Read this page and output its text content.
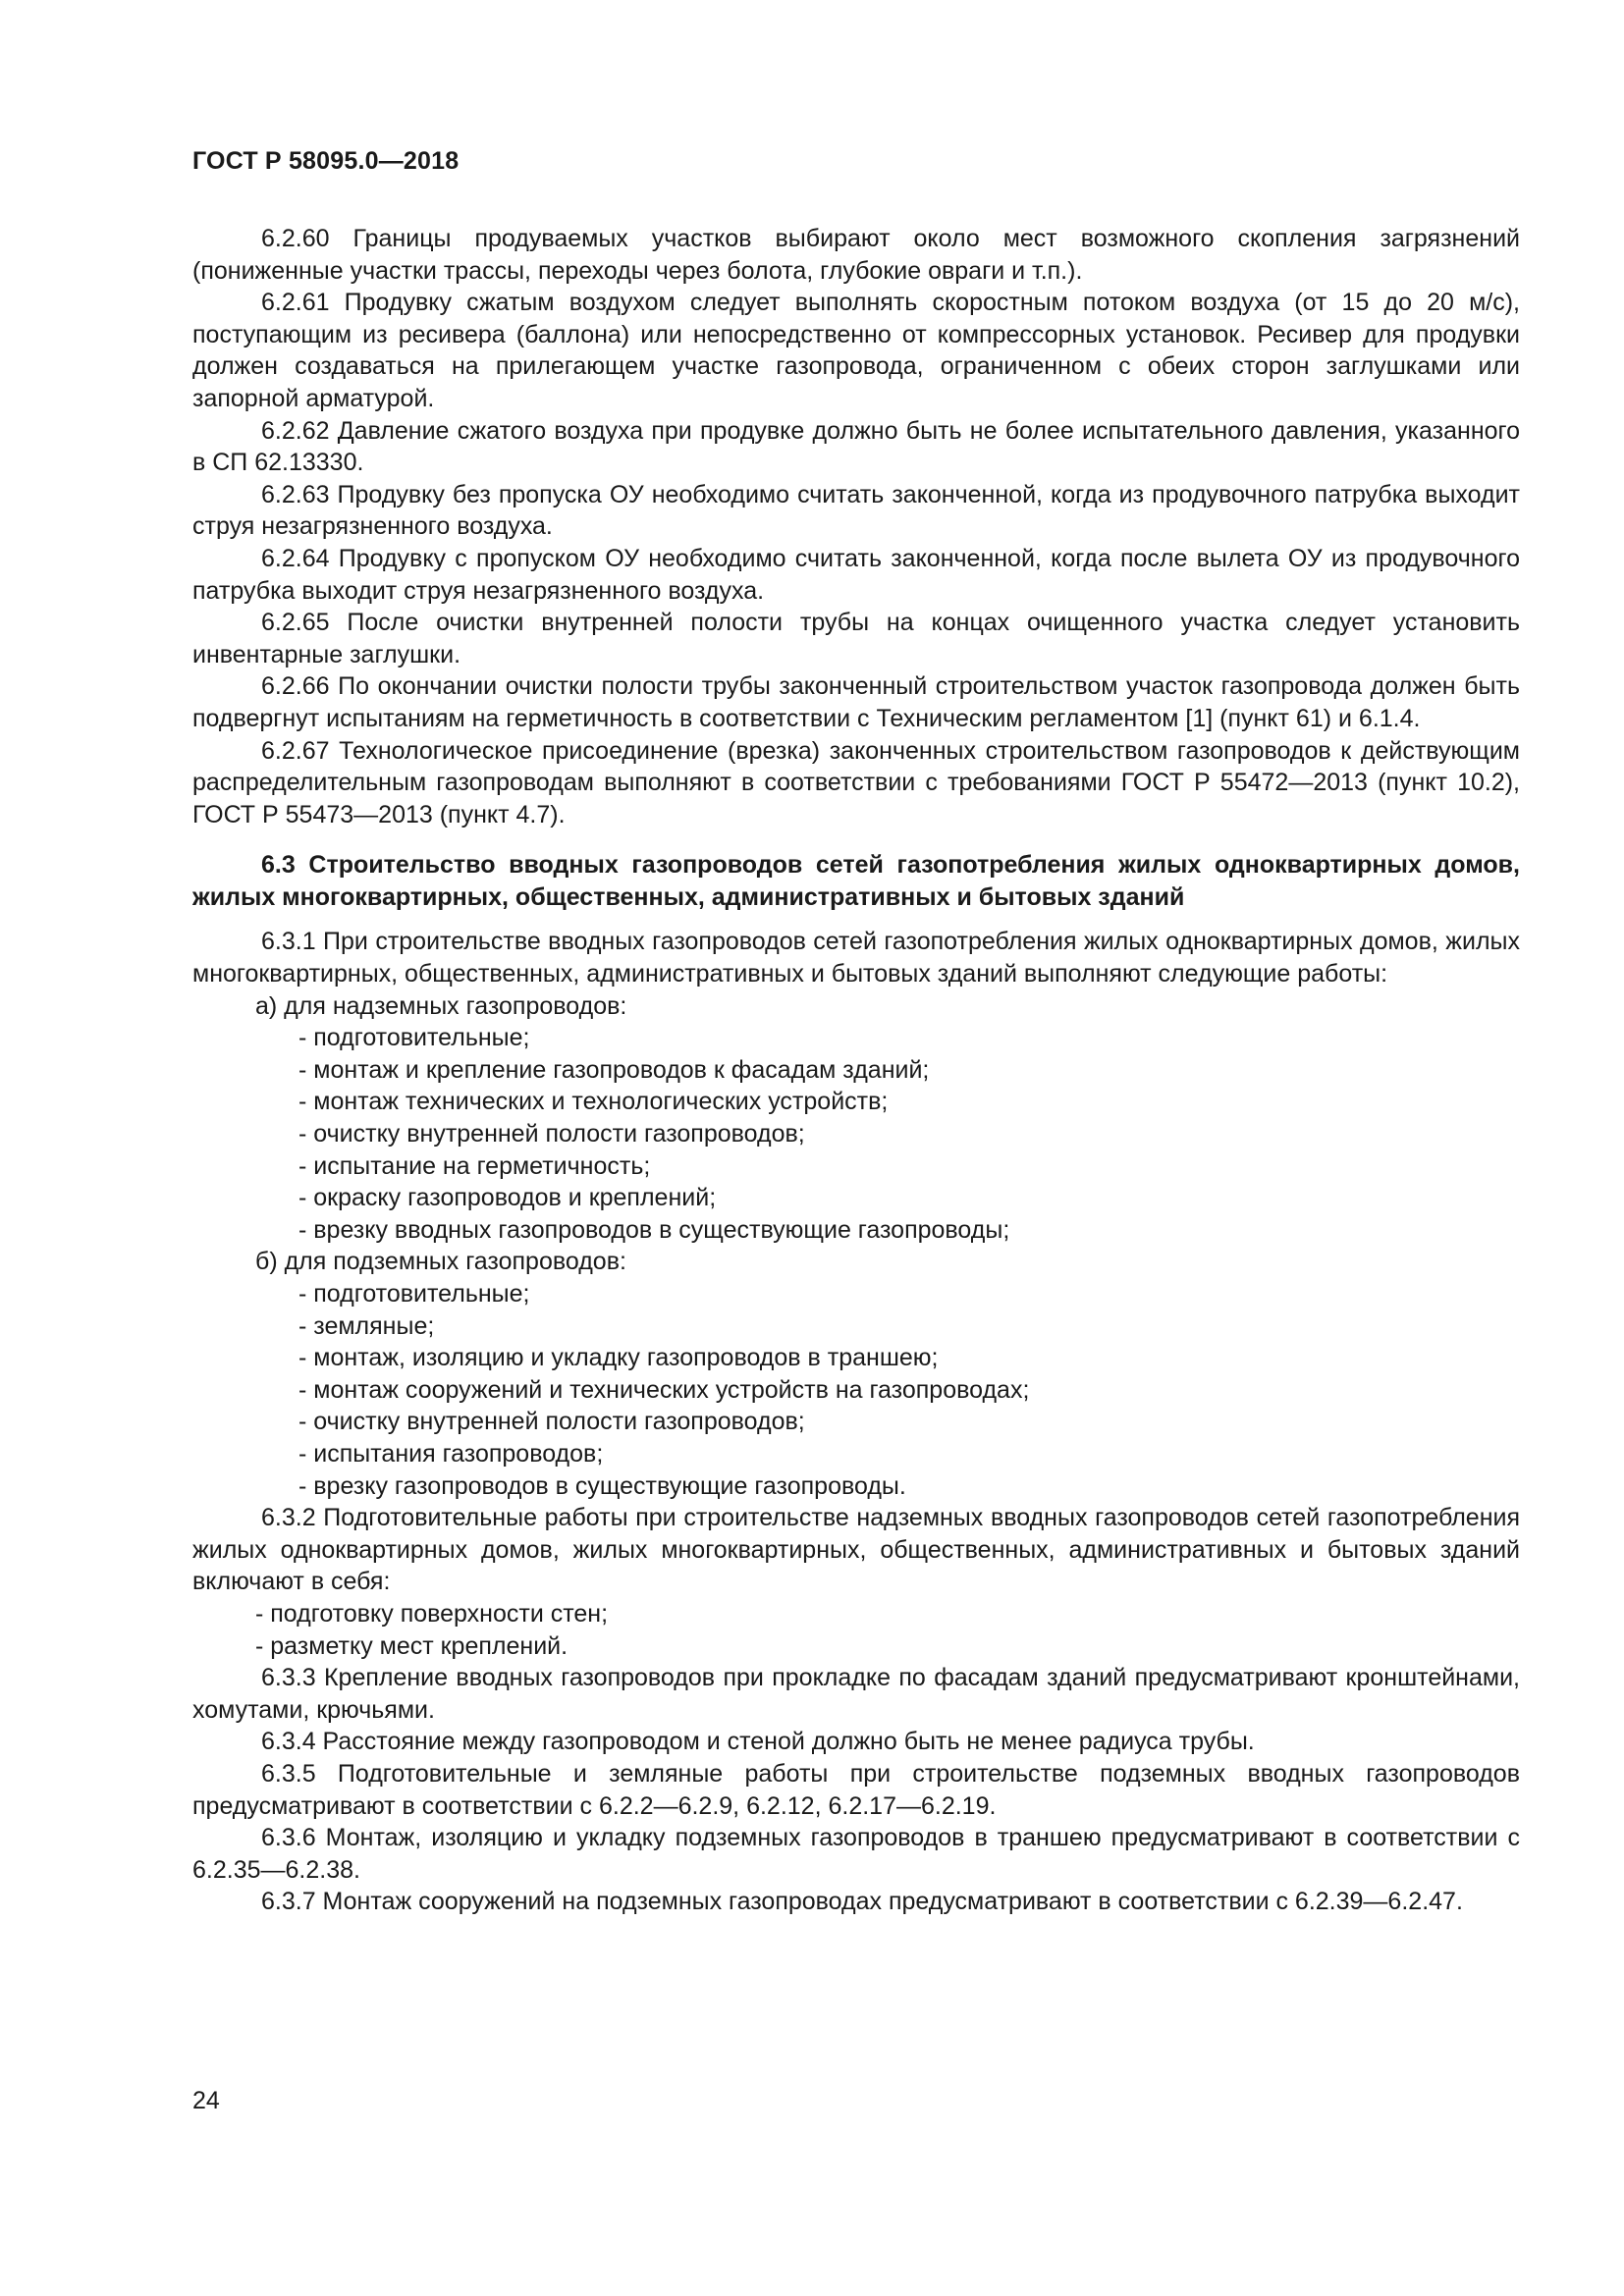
ГОСТ Р 58095.0—2018

6.2.60 Границы продуваемых участков выбирают около мест возможного скопления загрязнений (пониженные участки трассы, переходы через болота, глубокие овраги и т.п.).

6.2.61 Продувку сжатым воздухом следует выполнять скоростным потоком воздуха (от 15 до 20 м/с), поступающим из ресивера (баллона) или непосредственно от компрессорных установок. Ресивер для продувки должен создаваться на прилегающем участке газопровода, ограниченном с обеих сторон заглушками или запорной арматурой.

6.2.62 Давление сжатого воздуха при продувке должно быть не более испытательного давления, указанного в СП 62.13330.

6.2.63 Продувку без пропуска ОУ необходимо считать законченной, когда из продувочного патрубка выходит струя незагрязненного воздуха.

6.2.64 Продувку с пропуском ОУ необходимо считать законченной, когда после вылета ОУ из продувочного патрубка выходит струя незагрязненного воздуха.

6.2.65 После очистки внутренней полости трубы на концах очищенного участка следует установить инвентарные заглушки.

6.2.66 По окончании очистки полости трубы законченный строительством участок газопровода должен быть подвергнут испытаниям на герметичность в соответствии с Техническим регламентом [1] (пункт 61) и 6.1.4.

6.2.67 Технологическое присоединение (врезка) законченных строительством газопроводов к действующим распределительным газопроводам выполняют в соответствии с требованиями ГОСТ Р 55472—2013 (пункт 10.2), ГОСТ Р 55473—2013 (пункт 4.7).

6.3 Строительство вводных газопроводов сетей газопотребления жилых одноквартирных домов, жилых многоквартирных, общественных, административных и бытовых зданий

6.3.1 При строительстве вводных газопроводов сетей газопотребления жилых одноквартирных домов, жилых многоквартирных, общественных, административных и бытовых зданий выполняют следующие работы:

а) для надземных газопроводов:
- подготовительные;
- монтаж и крепление газопроводов к фасадам зданий;
- монтаж технических и технологических устройств;
- очистку внутренней полости газопроводов;
- испытание на герметичность;
- окраску газопроводов и креплений;
- врезку вводных газопроводов в существующие газопроводы;
б) для подземных газопроводов:
- подготовительные;
- земляные;
- монтаж, изоляцию и укладку газопроводов в траншею;
- монтаж сооружений и технических устройств на газопроводах;
- очистку внутренней полости газопроводов;
- испытания газопроводов;
- врезку газопроводов в существующие газопроводы.

6.3.2 Подготовительные работы при строительстве надземных вводных газопроводов сетей газопотребления жилых одноквартирных домов, жилых многоквартирных, общественных, административных и бытовых зданий включают в себя:

- подготовку поверхности стен;
- разметку мест креплений.

6.3.3 Крепление вводных газопроводов при прокладке по фасадам зданий предусматривают кронштейнами, хомутами, крючьями.

6.3.4 Расстояние между газопроводом и стеной должно быть не менее радиуса трубы.

6.3.5 Подготовительные и земляные работы при строительстве подземных вводных газопроводов предусматривают в соответствии с 6.2.2—6.2.9, 6.2.12, 6.2.17—6.2.19.

6.3.6 Монтаж, изоляцию и укладку подземных газопроводов в траншею предусматривают в соответствии с 6.2.35—6.2.38.

6.3.7 Монтаж сооружений на подземных газопроводах предусматривают в соответствии с 6.2.39—6.2.47.

24
